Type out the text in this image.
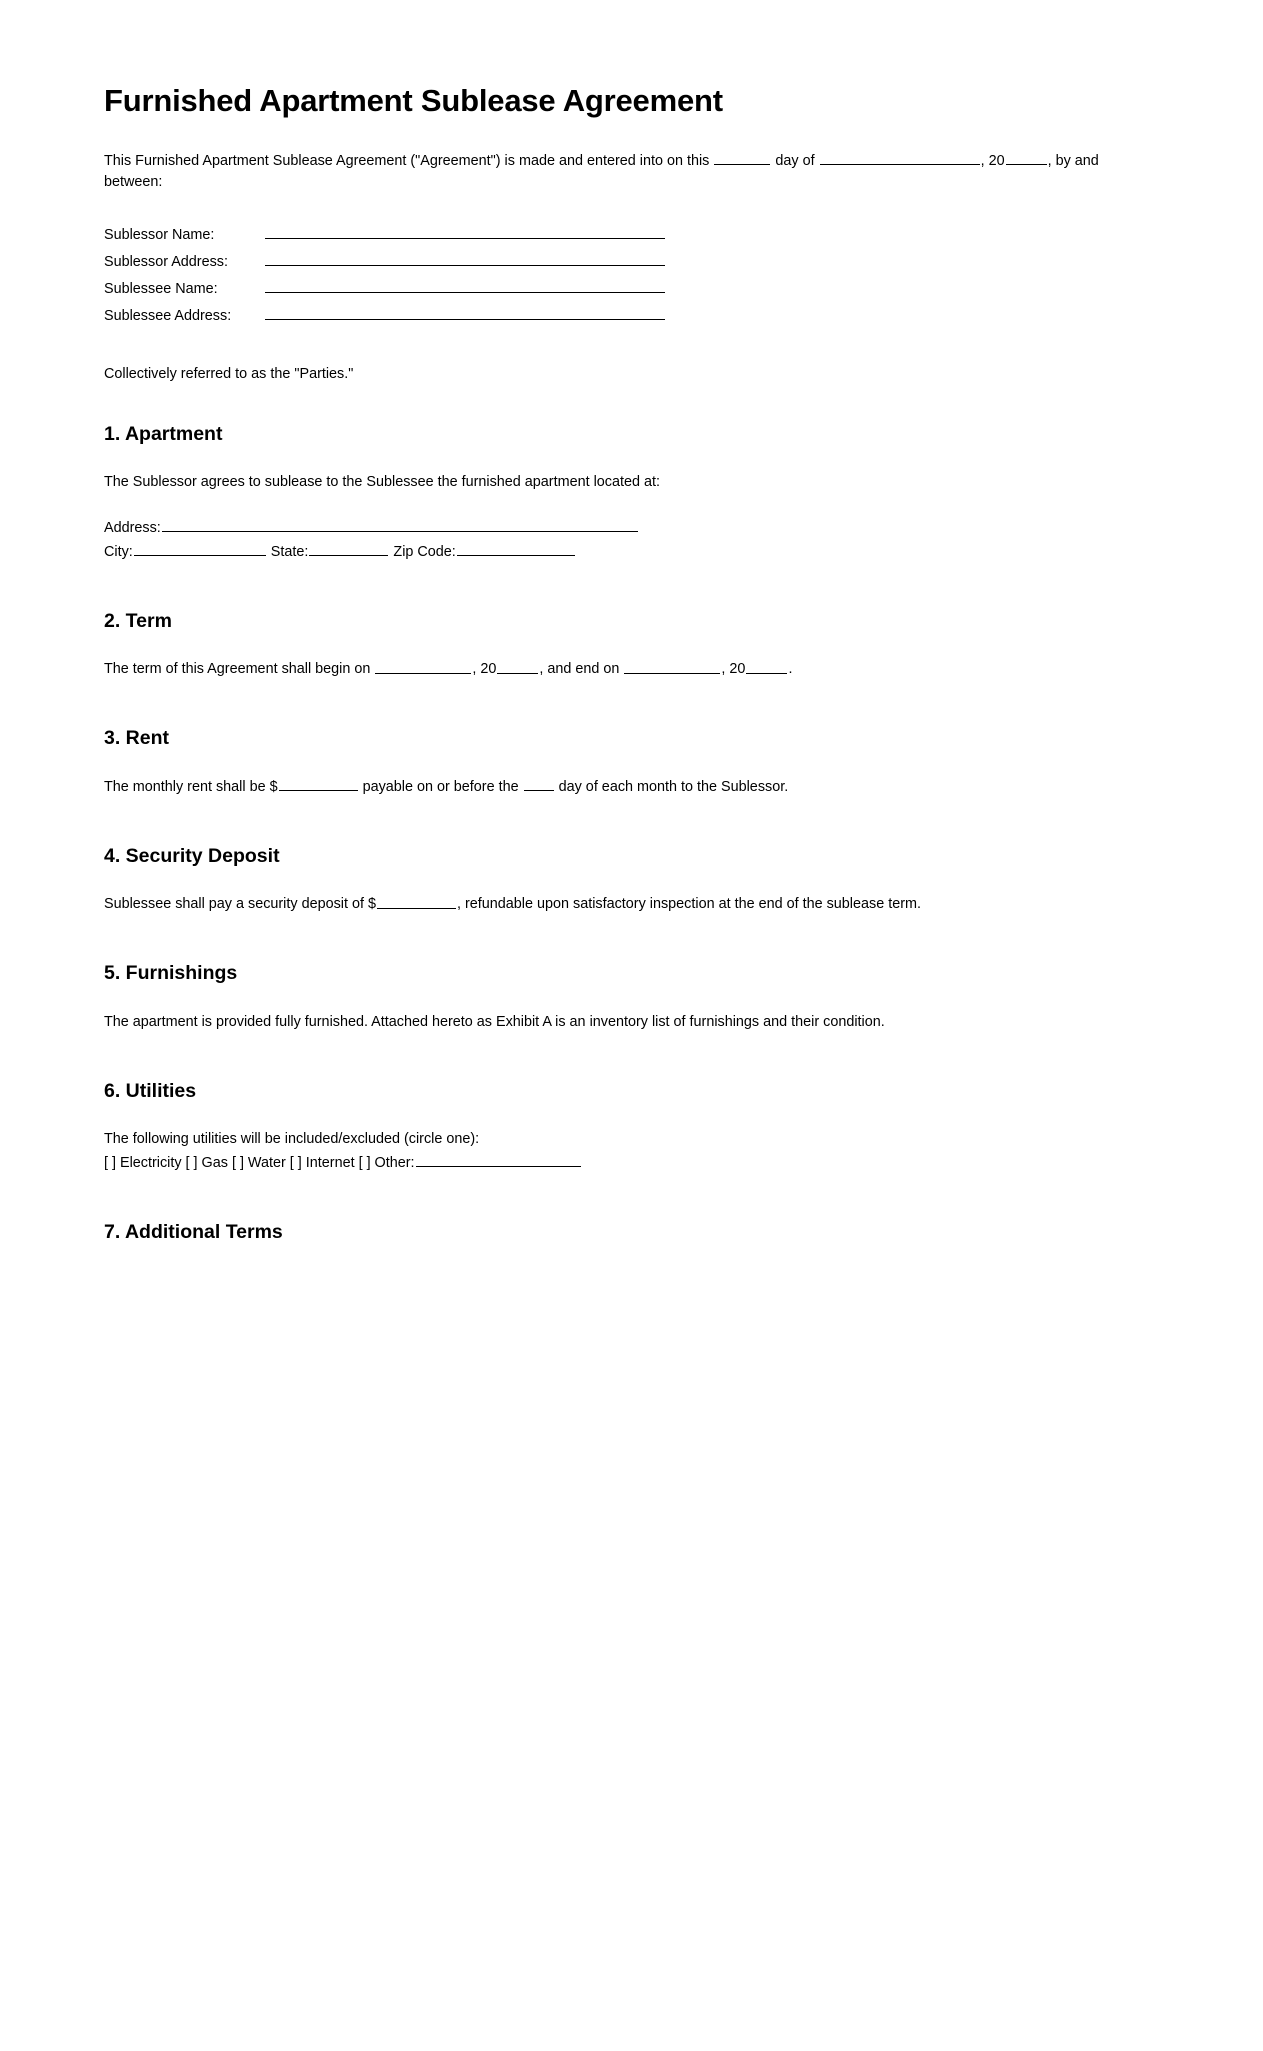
Furnished Apartment Sublease Agreement

This Furnished Apartment Sublease Agreement ("Agreement") is made and entered into on this	day of	, 20	, by and between:

Sublessor Name:
Sublessor Address:
Sublessee Name:
Sublessee Address:

Collectively referred to as the "Parties."

1. Apartment

The Sublessor agrees to sublease to the Sublessee the furnished apartment located at:

Address:
City:	State:	Zip Code:
2. Term

The term of this Agreement shall begin on	, 20	, and end on	, 20	.

3. Rent

The monthly rent shall be $	payable on or before the	day of each month to the Sublessor.

4. Security Deposit

Sublessee shall pay a security deposit of $	, refundable upon satisfactory inspection at the end of the sublease term.

5. Furnishings

The apartment is provided fully furnished. Attached hereto as Exhibit A is an inventory list of furnishings and their condition.

6. Utilities
The following utilities will be included/excluded (circle one):
[ ] Electricity [ ] Gas [ ] Water [ ] Internet [ ] Other:
7. Additional Terms
